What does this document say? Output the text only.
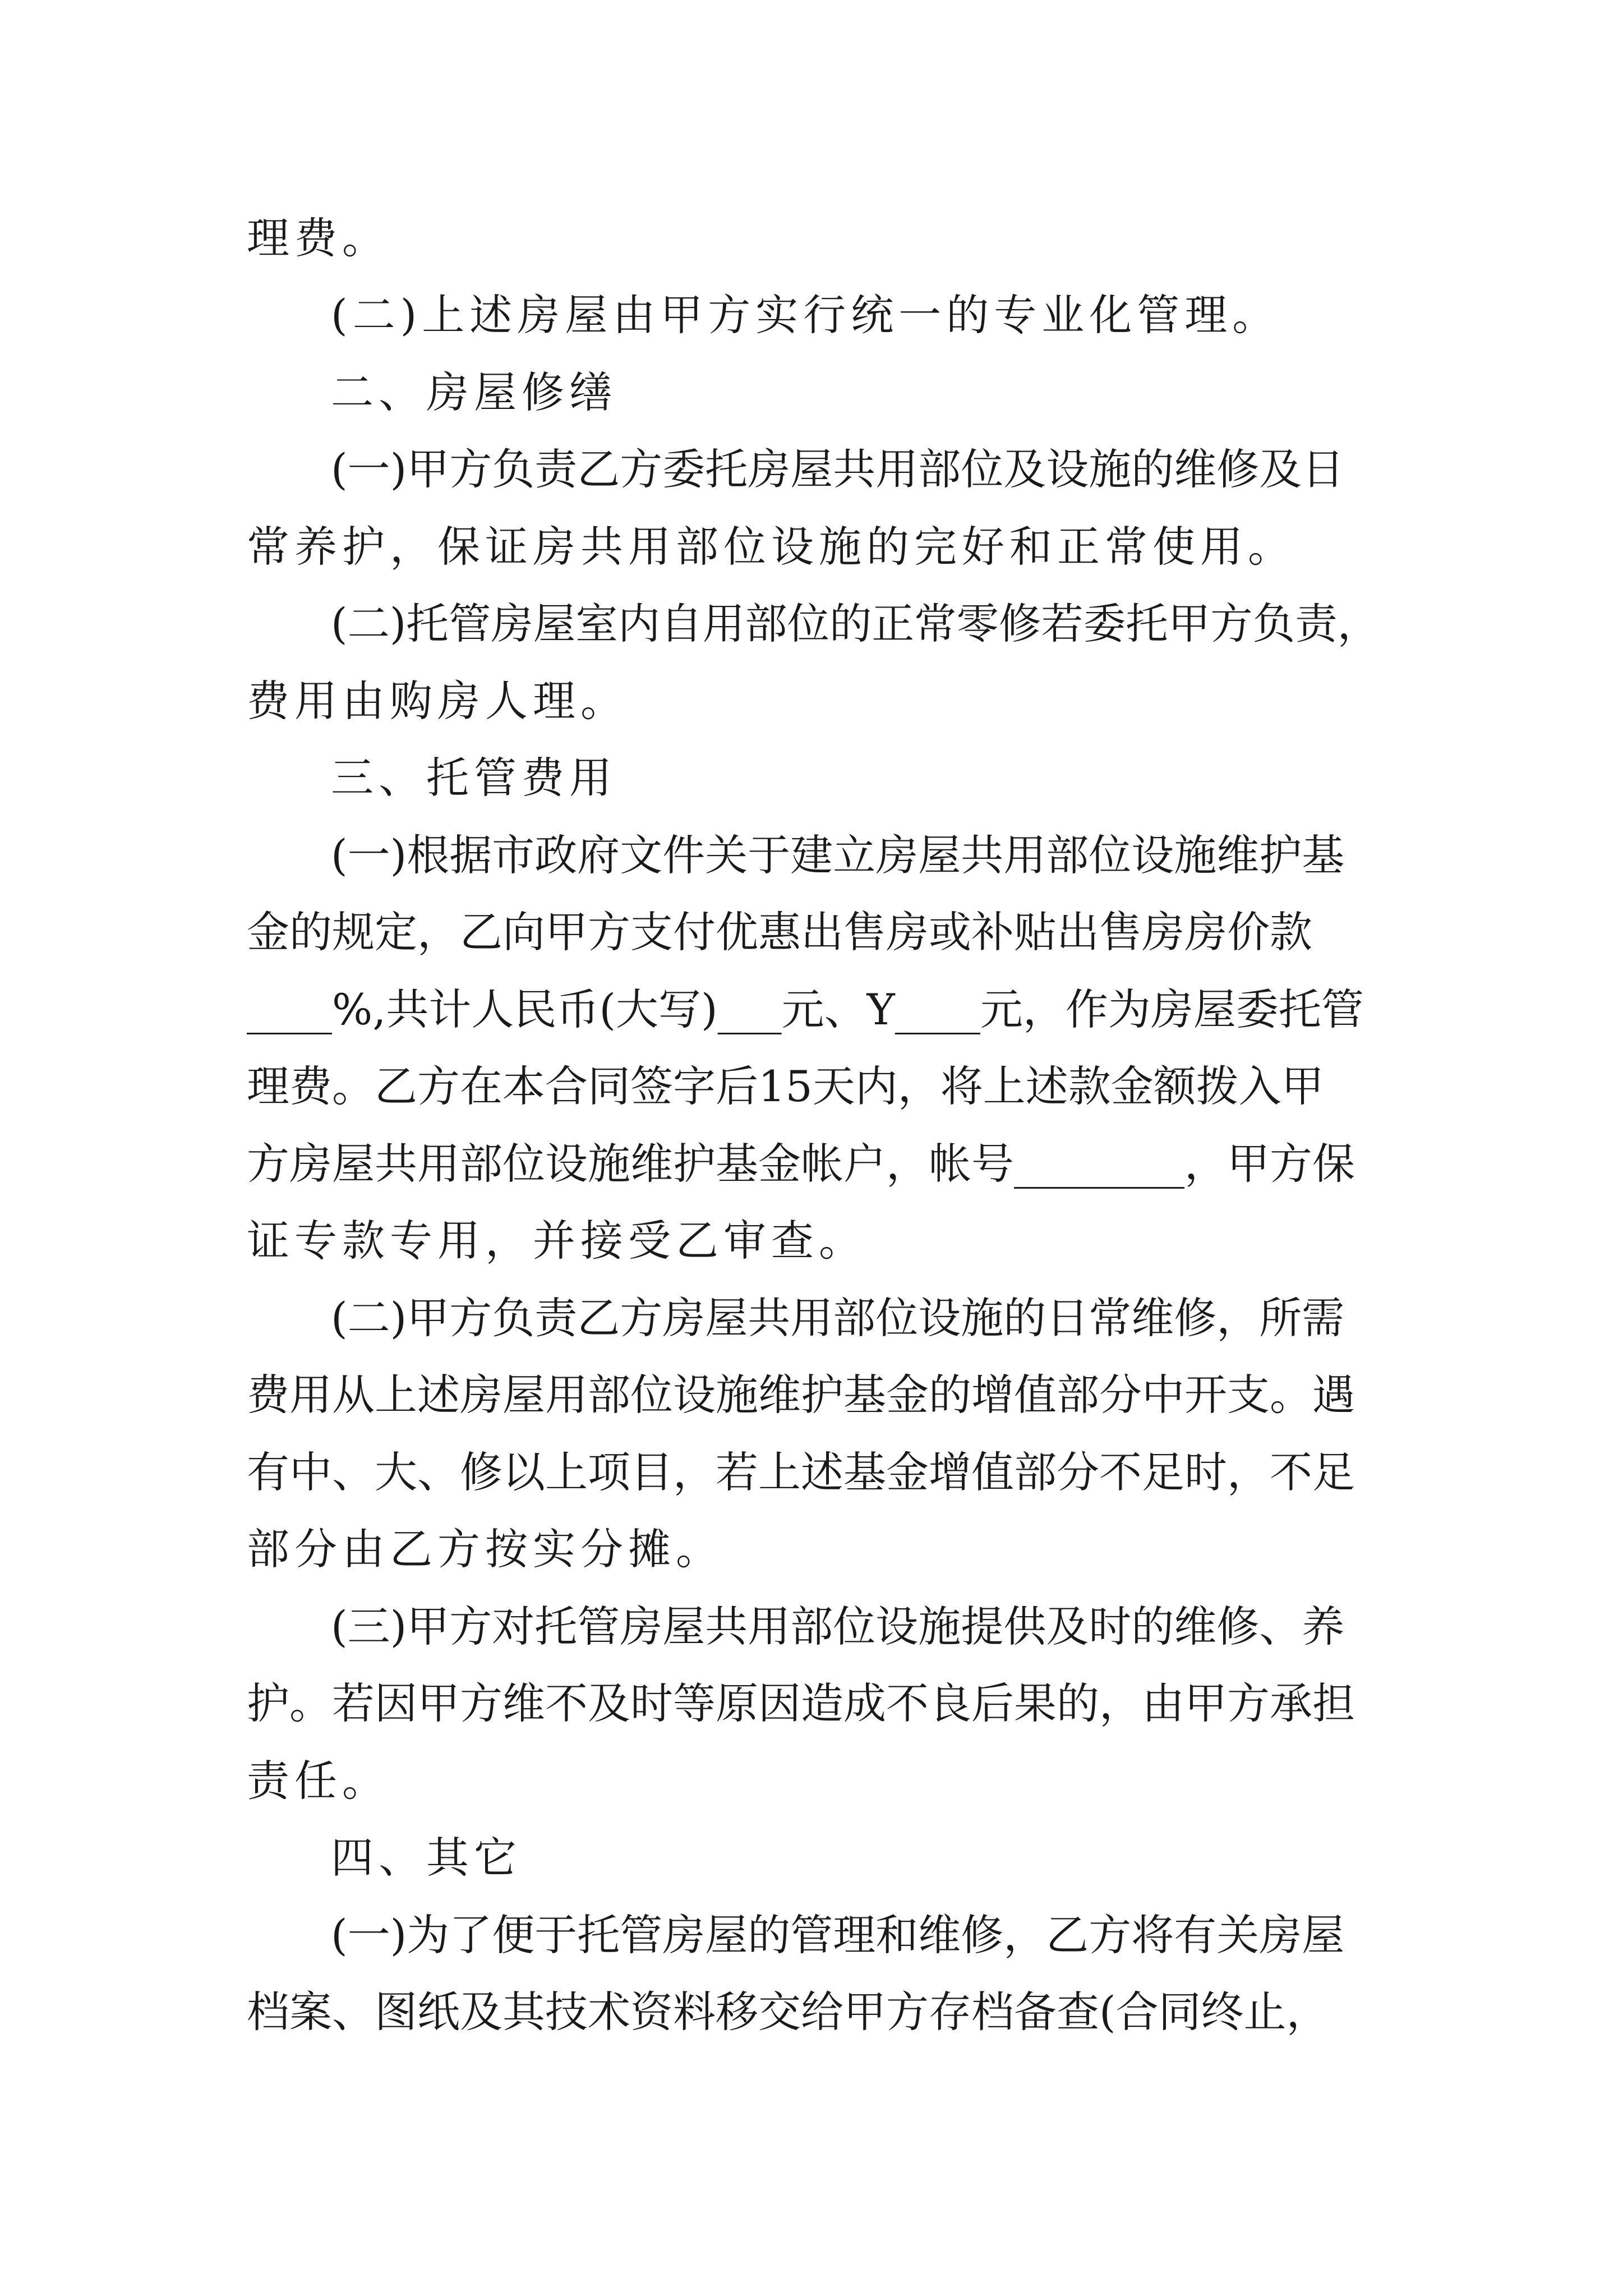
理费。
(二)上述房屋由甲方实行统一的专业化管理。
二、房屋修缮
(一)甲方负责乙方委托房屋共用部位及设施的维修及日
常养护，保证房共用部位设施的完好和正常使用。
(二)托管房屋室内自用部位的正常零修若委托甲方负责，
费用由购房人理。
三、托管费用
(一)根据市政府文件关于建立房屋共用部位设施维护基
金的规定，乙向甲方支付优惠出售房或补贴出售房房价款
____%,共计人民币(大写)___元、Y____元，作为房屋委托管
理费。乙方在本合同签字后15天内，将上述款金额拨入甲
方房屋共用部位设施维护基金帐户，帐号________，甲方保
证专款专用，并接受乙审查。
(二)甲方负责乙方房屋共用部位设施的日常维修，所需
费用从上述房屋用部位设施维护基金的增值部分中开支。遇
有中、大、修以上项目，若上述基金增值部分不足时，不足
部分由乙方按实分摊。
(三)甲方对托管房屋共用部位设施提供及时的维修、养
护。若因甲方维不及时等原因造成不良后果的，由甲方承担
责任。
四、其它
(一)为了便于托管房屋的管理和维修，乙方将有关房屋
档案、图纸及其技术资料移交给甲方存档备查(合同终止，
